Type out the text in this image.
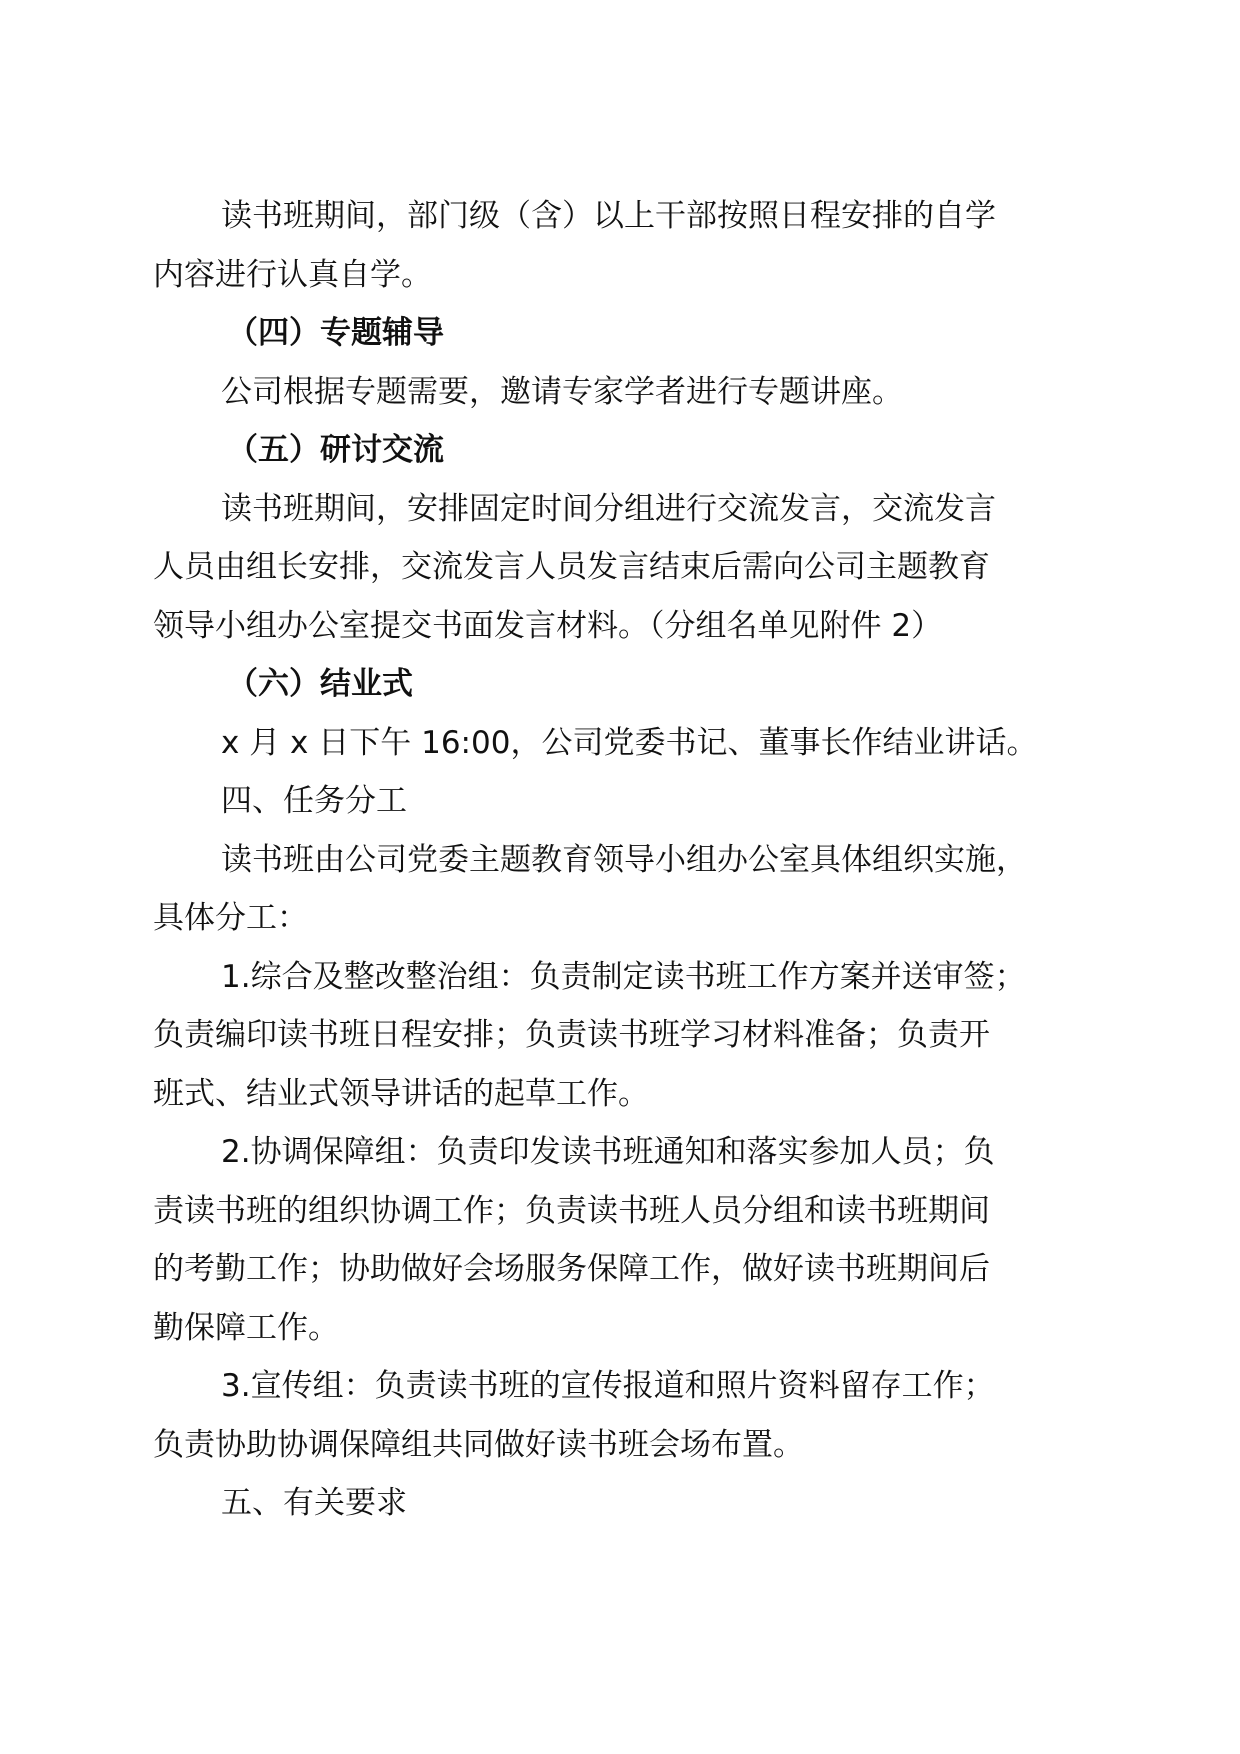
读书班期间，部门级（含）以上干部按照日程安排的自学
内容进行认真自学。

（四）专题辅导

公司根据专题需要，邀请专家学者进行专题讲座。

（五）研讨交流

读书班期间，安排固定时间分组进行交流发言，交流发言
人员由组长安排，交流发言人员发言结束后需向公司主题教育
领导小组办公室提交书面发言材料。（分组名单见附件 2）

（六）结业式

x 月 x 日下午 16:00，公司党委书记、董事长作结业讲话。

四、任务分工

读书班由公司党委主题教育领导小组办公室具体组织实施，
具体分工：

1.综合及整改整治组：负责制定读书班工作方案并送审签；
负责编印读书班日程安排；负责读书班学习材料准备；负责开
班式、结业式领导讲话的起草工作。

2.协调保障组：负责印发读书班通知和落实参加人员；负
责读书班的组织协调工作；负责读书班人员分组和读书班期间
的考勤工作；协助做好会场服务保障工作，做好读书班期间后
勤保障工作。

3.宣传组：负责读书班的宣传报道和照片资料留存工作；
负责协助协调保障组共同做好读书班会场布置。

五、有关要求
